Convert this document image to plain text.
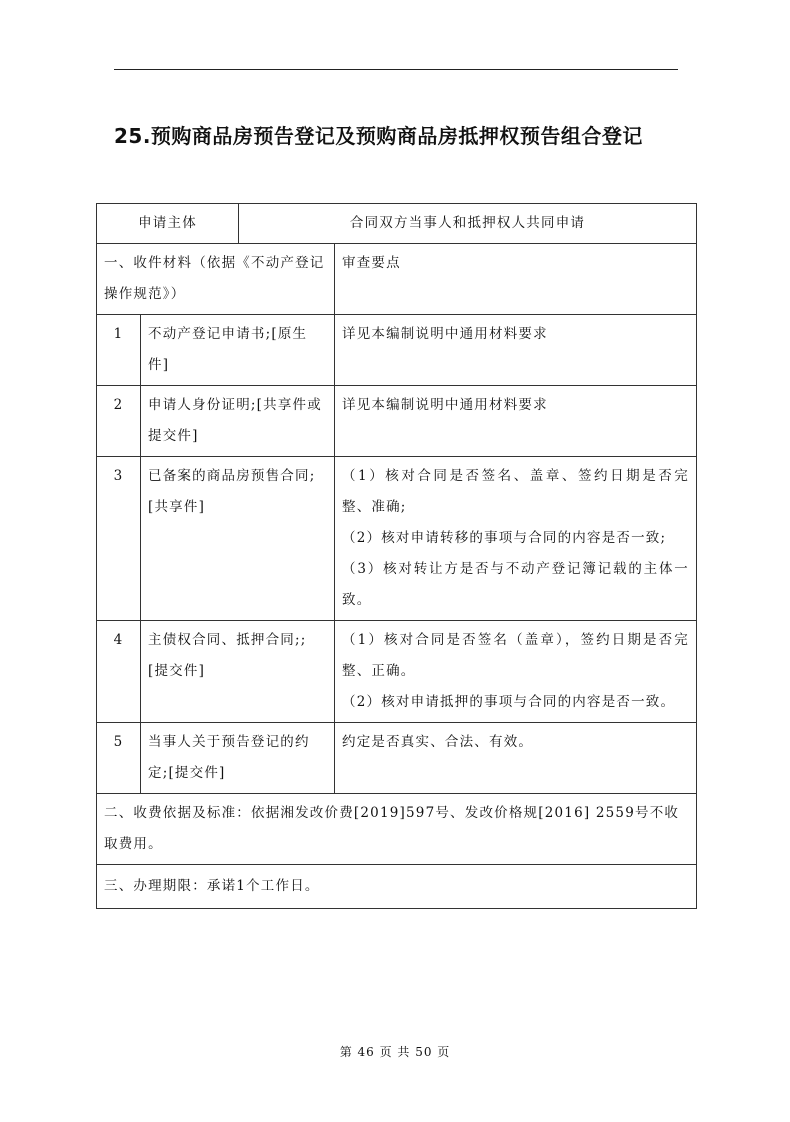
25.预购商品房预告登记及预购商品房抵押权预告组合登记
申请主体		合同双方当事人和抵押权人共同申请	
一、收件材料（依据《不动产登记操作规范》）			审查要点
1	不动产登记申请书;[原生件]		详见本编制说明中通用材料要求

2	申请人身份证明;[共享件或提交件]		详见本编制说明中通用材料要求

3	已备案的商品房预售合同;[共享件]		（1）核对合同是否签名、盖章、签约日期是否完整、准确;
（2）核对申请转移的事项与合同的内容是否一致;
（3）核对转让方是否与不动产登记簿记载的主体一致。

4	主债权合同、抵押合同;;[提交件]		（1）核对合同是否签名（盖章），签约日期是否完整、正确。
（2）核对申请抵押的事项与合同的内容是否一致。

5	当事人关于预告登记的约定;[提交件]		约定是否真实、合法、有效。

二、收费依据及标准：依据湘发改价费[2019]597号、发改价格规[2016] 2559号不收取费用。			
三、办理期限：承诺1个工作日。			
第 46 页 共 50 页
